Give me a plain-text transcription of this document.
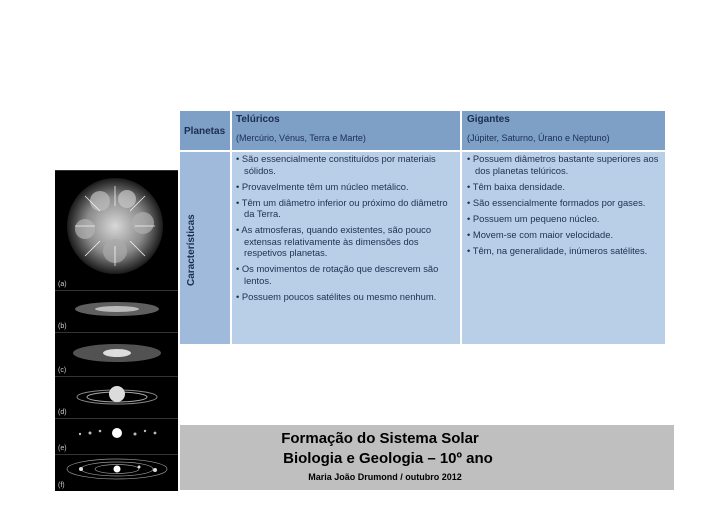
(a)
(b)
(c)
(d)
(e)
(f)
Planetas
Características
Telúricos
(Mercúrio, Vénus, Terra e Marte)
Gigantes
(Júpiter, Saturno, Úrano e Neptuno)
• São essencialmente constituídos por materiais sólidos.
• Provavelmente têm um núcleo metálico.
• Têm um diâmetro inferior ou próximo do diâmetro da Terra.
• As atmosferas, quando existentes, são pouco extensas relativamente às dimensões dos respetivos planetas.
• Os movimentos de rotação que descrevem são lentos.
• Possuem poucos satélites ou mesmo nenhum.
• Possuem diâmetros bastante superiores aos dos planetas telúricos.
• Têm baixa densidade.
• São essencialmente formados por gases.
• Possuem um pequeno núcleo.
• Movem-se com maior velocidade.
• Têm, na generalidade, inúmeros satélites.
Formação do Sistema Solar
Biologia e Geologia – 10º ano
Maria João Drumond / outubro 2012
